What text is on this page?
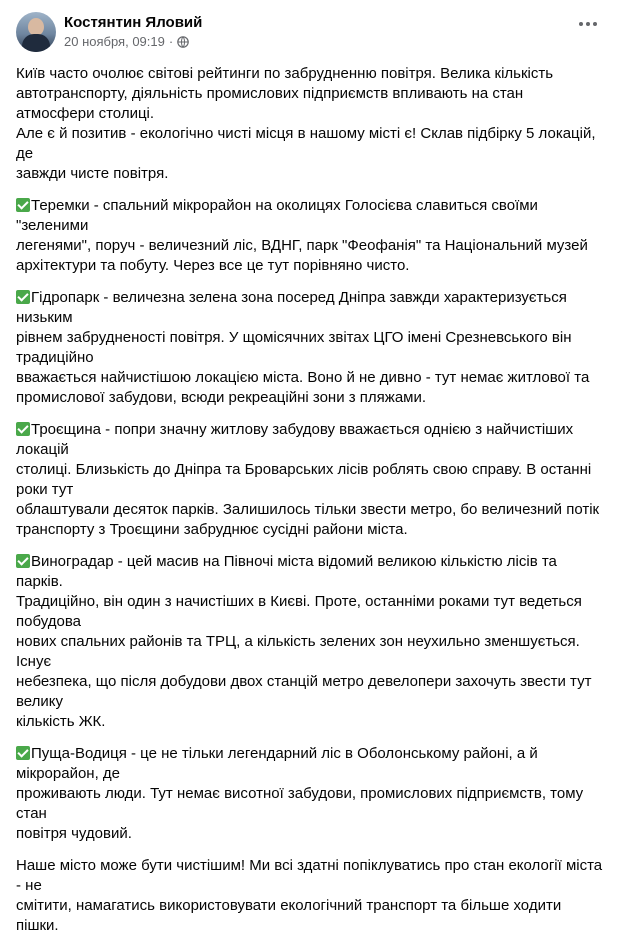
Костянтин Яловий
20 ноября, 09:19 ·
Київ часто очолює світові рейтинги по забрудненню повітря. Велика кількість
автотранспорту, діяльність промислових підприємств впливають на стан атмосфери столиці.
Але є й позитив - екологічно чисті місця в нашому місті є! Склав підбірку 5 локацій, де
завжди чисте повітря.
Теремки - спальний мікрорайон на околицях Голосієва славиться своїми "зеленими
легенями", поруч - величезний ліс, ВДНГ, парк "Феофанія" та Національний музей
архітектури та побуту. Через все це тут порівняно чисто.
Гідропарк - величезна зелена зона посеред Дніпра завжди характеризується низьким
рівнем забрудненості повітря. У щомісячних звітах ЦГО імені Срезневського він традиційно
вважається найчистішою локацією міста. Воно й не дивно - тут немає житлової та
промислової забудови, всюди рекреаційні зони з пляжами.
Троєщина - попри значну житлову забудову вважається однією з найчистіших локацій
столиці. Близькість до Дніпра та Броварських лісів роблять свою справу. В останні роки тут
облаштували десяток парків. Залишилось тільки звести метро, бо величезний потік
транспорту з Троєщини забруднює сусідні райони міста.
Виноградар - цей масив на Півночі міста відомий великою кількістю лісів та парків.
Традиційно, він один з начистіших в Києві. Проте, останніми роками тут ведеться побудова
нових спальних районів та ТРЦ, а кількість зелених зон неухильно зменшується. Існує
небезпека, що після добудови двох станцій метро девелопери захочуть звести тут велику
кількість ЖК.
Пуща-Водиця - це не тільки легендарний ліс в Оболонському районі, а й мікрорайон, де
проживають люди. Тут немає висотної забудови, промислових підприємств, тому стан
повітря чудовий.
Наше місто може бути чистішим! Ми всі здатні попіклуватись про стан екології міста - не
смітити, намагатись використовувати екологічний транспорт та більше ходити пішки.
